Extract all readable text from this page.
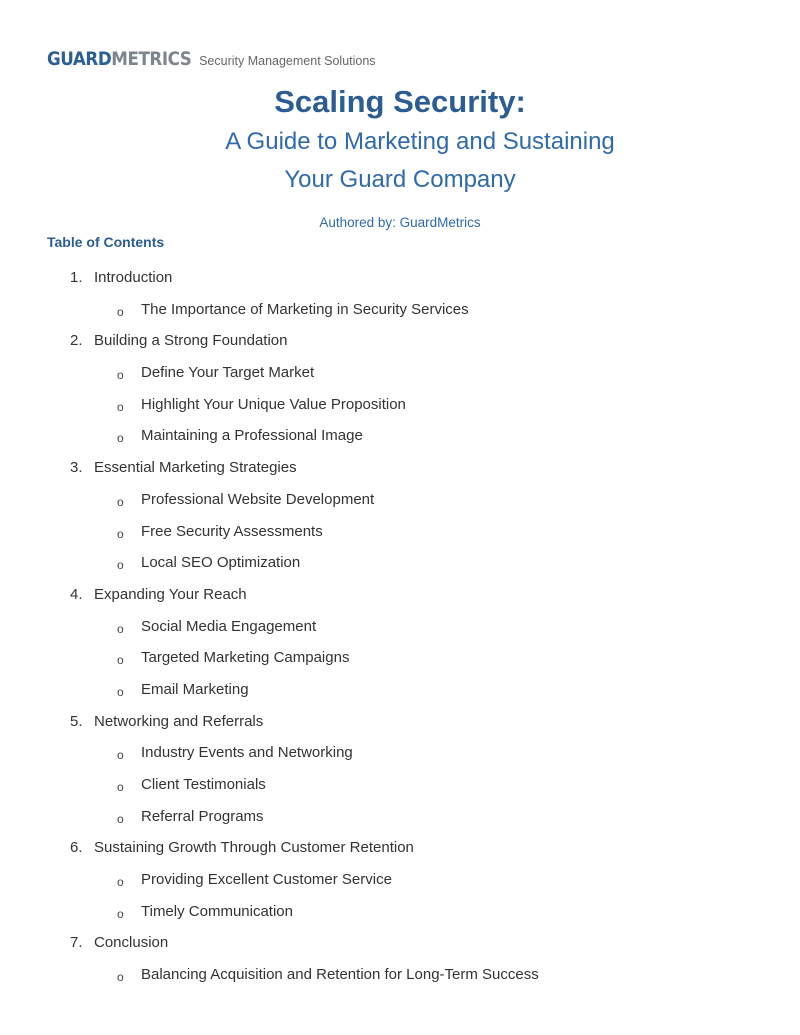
GUARDMETRICS Security Management Solutions
Scaling Security:
A Guide to Marketing and Sustaining
Your Guard Company
Authored by: GuardMetrics
Table of Contents
1. Introduction
o The Importance of Marketing in Security Services
2. Building a Strong Foundation
o Define Your Target Market
o Highlight Your Unique Value Proposition
o Maintaining a Professional Image
3. Essential Marketing Strategies
o Professional Website Development
o Free Security Assessments
o Local SEO Optimization
4. Expanding Your Reach
o Social Media Engagement
o Targeted Marketing Campaigns
o Email Marketing
5. Networking and Referrals
o Industry Events and Networking
o Client Testimonials
o Referral Programs
6. Sustaining Growth Through Customer Retention
o Providing Excellent Customer Service
o Timely Communication
7. Conclusion
o Balancing Acquisition and Retention for Long-Term Success
